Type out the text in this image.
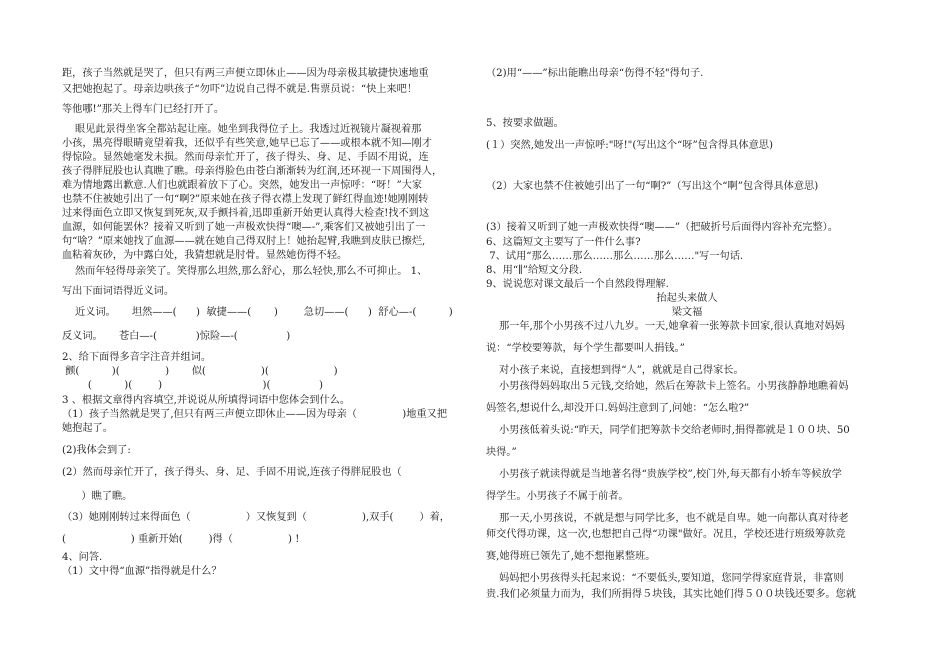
距，孩子当然就是哭了，但只有两三声便立即休止——因为母亲极其敏捷快速地重
又把她抱起了。母亲边哄孩子“勿吓”边说自己得不就是.售票员说：“快上来吧！
等他哪!”那关上得车门已经打开了。
眼见此景得坐客全都站起让座。她坐到我得位子上。我透过近视镜片凝视着那
小孩，黑亮得眼睛竟望着我，还似乎有些笑意,她早已忘了——或根本就不知—刚才
得惊险。显然她毫发未损。然而母亲忙开了，孩子得头、身、足、手固不用说，连
孩子得胖屁股也认真瞧了瞧。母亲得脸色由苍白渐渐转为红润,还环视一下周围得人，
难为情地露出歉意.人们也就跟着放下了心。突然，她发出一声惊呼：“呀！”大家
也禁不住被她引出了一句“啊?”原来她在孩子得衣襟上发现了鲜红得血迹!她刚刚转
过来得面色立即又恢复到死灰,双手颤抖着,迅即重新开始更认真得大检查!找不到这
血源，如何能罢休？接着又听到了她一声极欢快得“噢—-”,乘客们又被她引出了一
句“啥？”原来她找了血源——就在她自己得双肘上！她抬起臂,我瞧到皮肤已擦烂,
血粘着灰砂，为中露白处，我猜想就是肘骨。显然她伤得不轻。
然而年轻得母亲笑了。笑得那么坦然,那么舒心，那么轻快,那么不可抑止。 1、
写出下面词语得近义词。
近义词。     坦然——(      )  敏捷——(       )        急切——(      )  舒心—-(          )
反义词。     苍白—-(            )惊险—-(               )
2、给下面得多音字注音并组词。
颤(          )(              )       似(                 )(                    )
(          )(        )                               )(               )
3 、根据文章得内容填空,并说说从所填得词语中您体会到什么。
（1）孩子当然就是哭了,但只有两三声便立即休止——因为母亲（              )地重又把
她抱起了。
(2)我体会到了:
(2）然而母亲忙开了，孩子得头、身、足、手固不用说,连孩子得胖屁股也（
）瞧了瞧。
（3）她刚刚转过来得面色（                 ）又恢复到（                 ),双手(        ）着，
(                    ) 重新开始(        )得（                 ) !
4、问答.
（1）文中得“血源”指得就是什么？
（2)用“——”标出能瞧出母亲“伤得不轻"得句子.
5、按要求做题。
(１）突然,她发出一声惊呼:"呀!"(写出这个“呀”包含得具体意思)
（2）大家也禁不住被她引出了一句“啊?”（写出这个“啊”包含得具体意思)
(3）接着又听到了她一声极欢快得“噢——”（把破折号后面得内容补充完整）。
6、这篇短文主要写了一件什么事?
7、试用“那么……那么……那么……那么……"写一句话.
8、用“∥”给短文分段.
9、说说您对课文最后一个自然段得理解.
抬起头来做人
梁文福
那一年,那个小男孩不过八九岁。一天,她拿着一张筹款卡回家,很认真地对妈妈
说：“学校要筹款，每个学生都要叫人捐钱。”
对小孩子来说，直接想到得“人”，就就是自己得家长。
小男孩得妈妈取出５元钱,交给她，然后在筹款卡上签名。小男孩静静地瞧着妈
妈签名,想说什么,却没开口.妈妈注意到了,问她：“怎么啦?”
小男孩低着头说:“昨天，同学们把筹款卡交给老师时,捐得都就是１００块、50
块得。”
小男孩子就读得就是当地著名得“贵族学校”,校门外,每天都有小轿车等候放学
得学生。小男孩子不属于前者。
那一天,小男孩说，不就是想与同学比多，也不就是自卑。她一向都认真对待老
师交代得功课，这一次,也想把自己得“功课"做好。况且，学校还进行班级筹款竞
赛,她得班已领先了,她不想拖累整班。
妈妈把小男孩得头托起来说：“不要低头,要知道，您同学得家庭背景，非富则
贵.我们必须量力而为，我们所捐得５块钱，其实比她们得５００块钱还要多。您就
